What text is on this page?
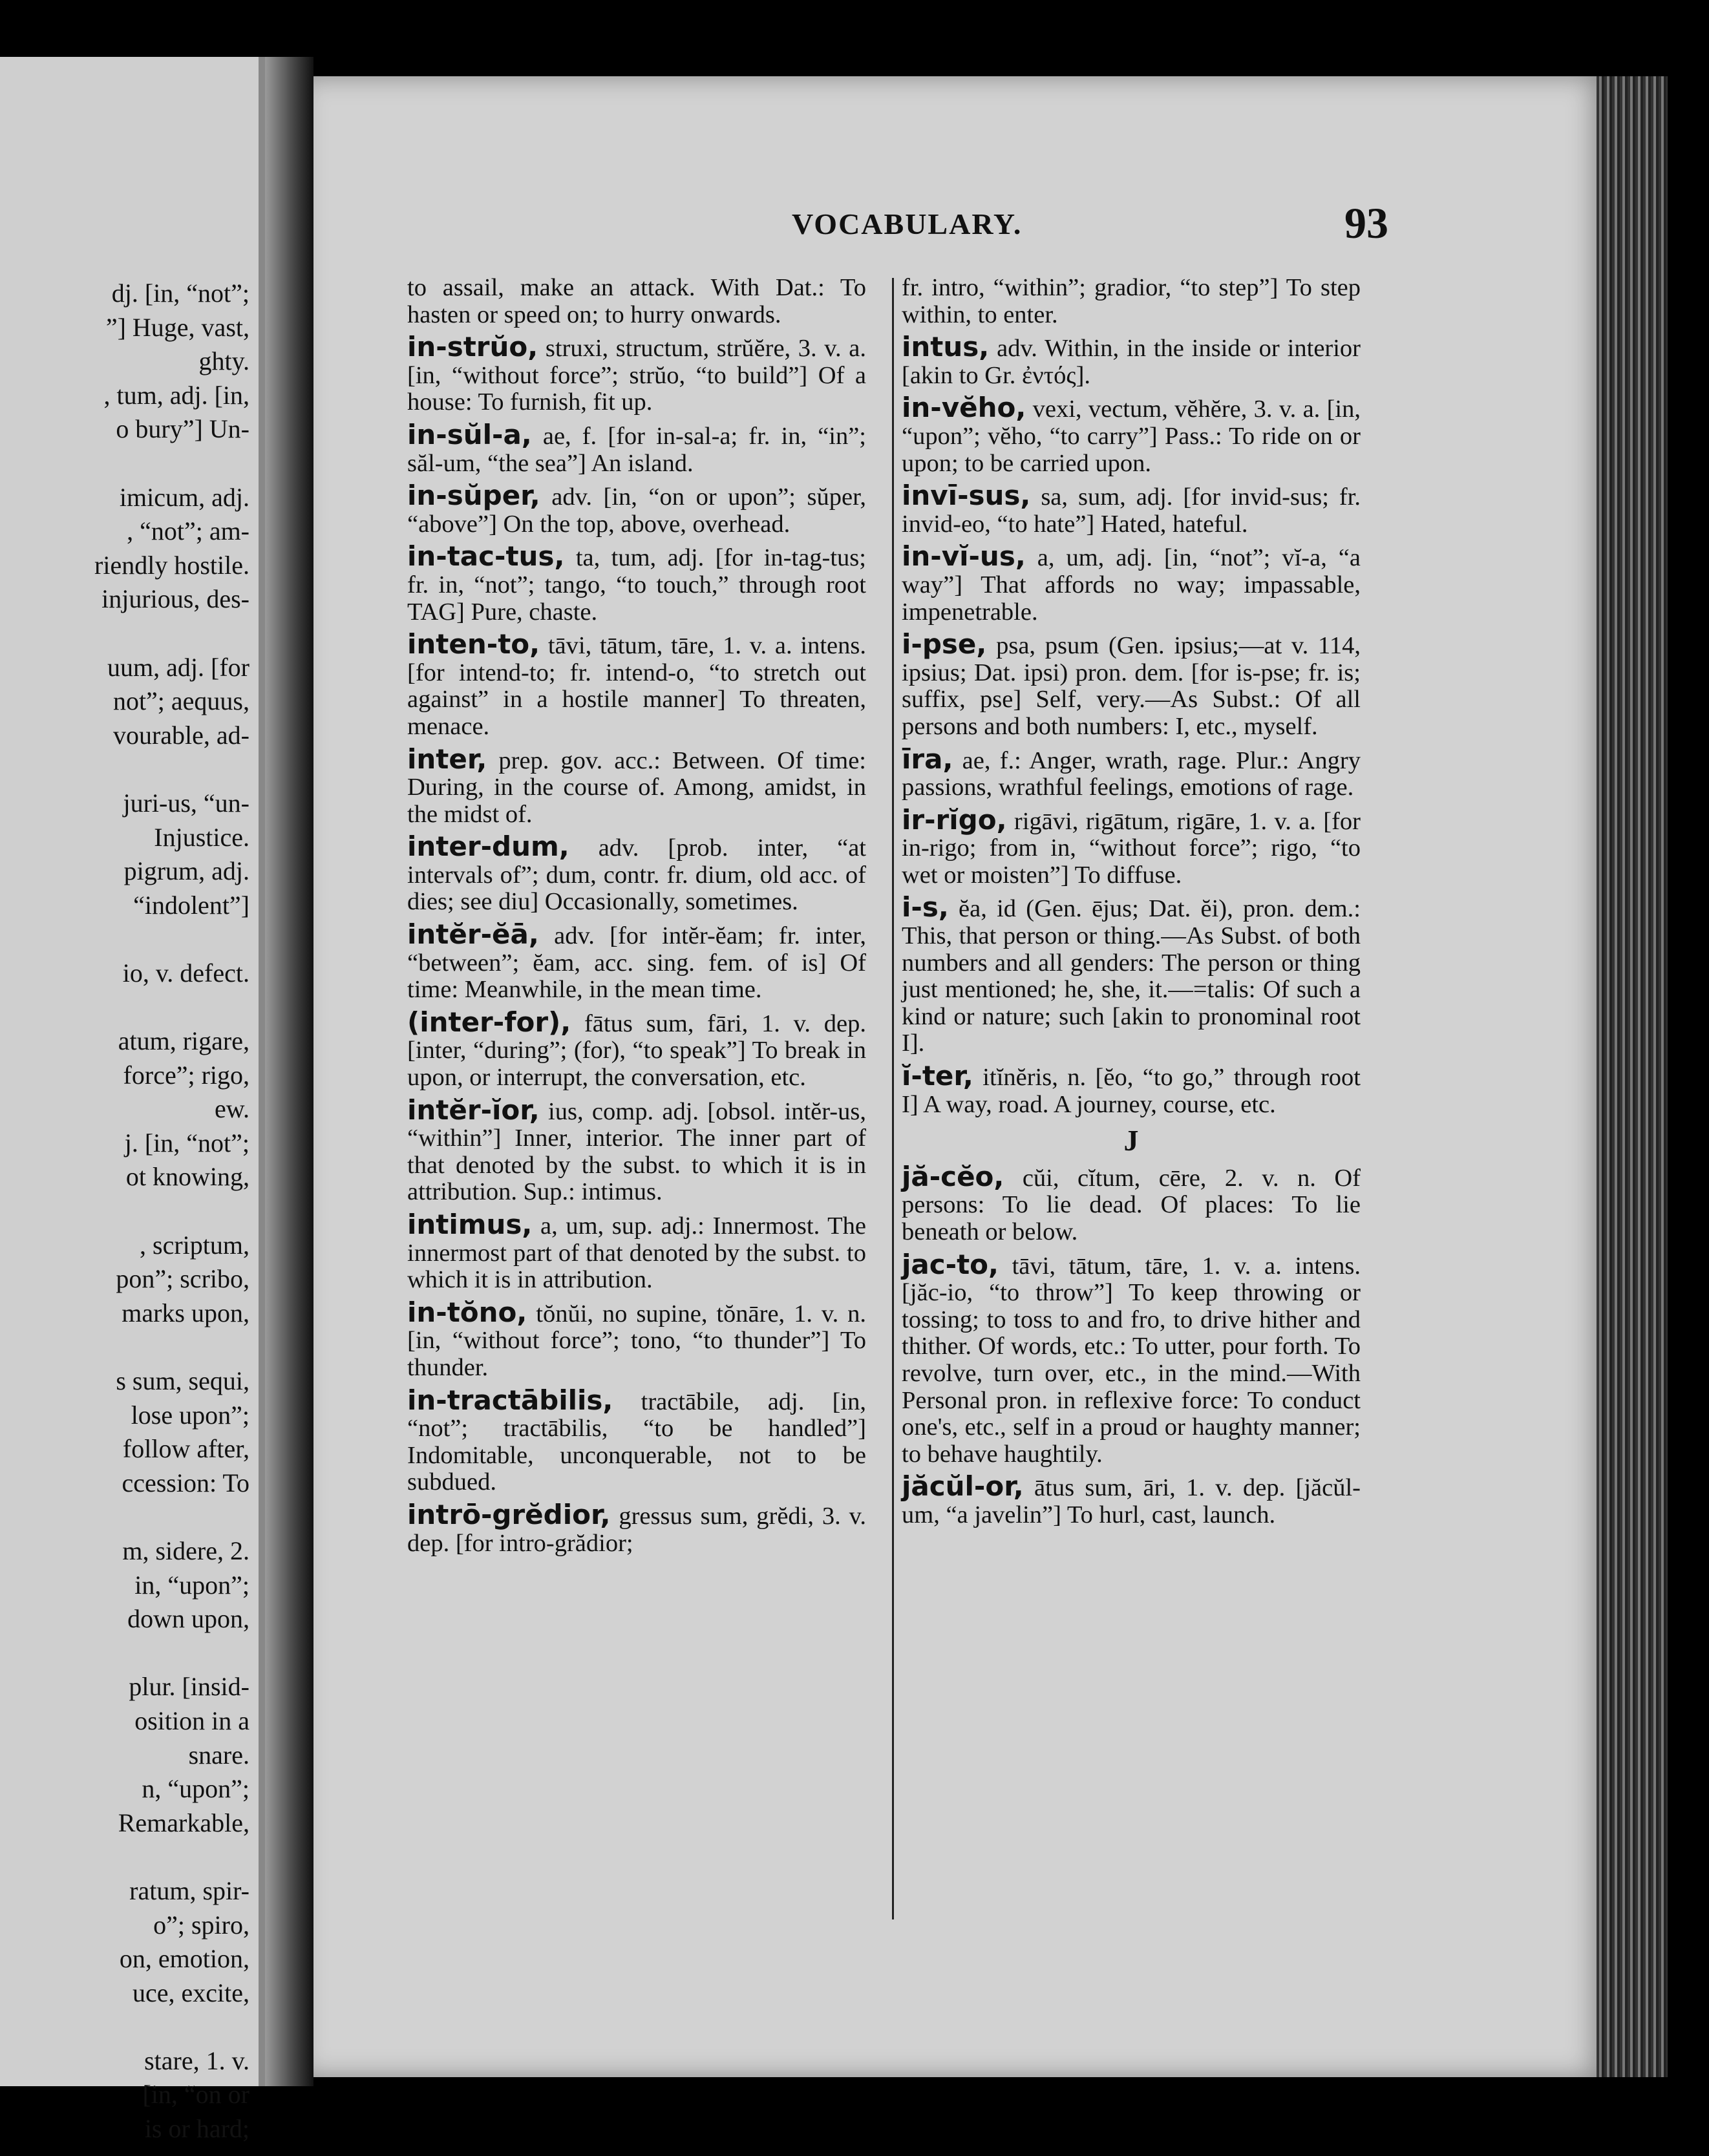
dj. [in, “not”;
”] Huge, vast,
ghty.
, tum, adj. [in,
o bury”] Un-
imicum, adj.
, “not”; am-
riendly hostile.
injurious, des-
uum, adj. [for
not”; aequus,
vourable, ad-
juri-us, “un-
Injustice.
pigrum, adj.
“indolent”]
io, v. defect.
atum, rigare,
force”; rigo,
ew.
j. [in, “not”;
ot knowing,
, scriptum,
pon”; scribo,
marks upon,
s sum, sequi,
lose upon”;
follow after,
ccession: To
m, sidere, 2.
in, “upon”;
down upon,
plur. [insid-
osition in a
snare.
n, “upon”;
Remarkable,
ratum, spir-
o”; spiro,
on, emotion,
uce, excite,
stare, 1. v.
[in, “on or
is or hard;
VOCABULARY.	93

to assail, make an attack. With Dat.: To hasten or speed on; to hurry onwards.

in-strŭo, struxi, structum, strŭĕre, 3. v. a. [in, “without force”; strŭo, “to build”] Of a house: To furnish, fit up.

in-sŭl-a, ae, f. [for in-sal-a; fr. in, “in”; săl-um, “the sea”] An island.

in-sŭper, adv. [in, “on or upon”; sŭper, “above”] On the top, above, overhead.

in-tac-tus, ta, tum, adj. [for in-tag-tus; fr. in, “not”; tango, “to touch,” through root TAG] Pure, chaste.

inten-to, tāvi, tātum, tāre, 1. v. a. intens. [for intend-to; fr. intend-o, “to stretch out against” in a hostile manner] To threaten, menace.

inter, prep. gov. acc.: Between. Of time: During, in the course of. Among, amidst, in the midst of.

inter-dum, adv. [prob. inter, “at intervals of”; dum, contr. fr. dium, old acc. of dies; see diu] Occasionally, sometimes.

intĕr-ĕā, adv. [for intĕr-ĕam; fr. inter, “between”; ĕam, acc. sing. fem. of is] Of time: Meanwhile, in the mean time.

(inter-for), fātus sum, fāri, 1. v. dep. [inter, “during”; (for), “to speak”] To break in upon, or interrupt, the conversation, etc.

intĕr-ĭor, ius, comp. adj. [obsol. intĕr-us, “within”] Inner, interior. The inner part of that denoted by the subst. to which it is in attribution. Sup.: intimus.

intimus, a, um, sup. adj.: Innermost. The innermost part of that denoted by the subst. to which it is in attribution.

in-tŏno, tŏnŭi, no supine, tŏnāre, 1. v. n. [in, “without force”; tono, “to thunder”] To thunder.

in-tractābilis, tractābile, adj. [in, “not”; tractābilis, “to be handled”] Indomitable, unconquerable, not to be subdued.

intrō-grĕdior, gressus sum, grĕdi, 3. v. dep. [for intro-grădior;

fr. intro, “within”; gradior, “to step”] To step within, to enter.

intus, adv. Within, in the inside or interior [akin to Gr. ἐντός].

in-vĕho, vexi, vectum, vĕhĕre, 3. v. a. [in, “upon”; vĕho, “to carry”] Pass.: To ride on or upon; to be carried upon.

invī-sus, sa, sum, adj. [for invid-sus; fr. invid-eo, “to hate”] Hated, hateful.

in-vĭ-us, a, um, adj. [in, “not”; vĭ-a, “a way”] That affords no way; impassable, impenetrable.

i-pse, psa, psum (Gen. ipsius;—at v. 114, ipsius; Dat. ipsi) pron. dem. [for is-pse; fr. is; suffix, pse] Self, very.—As Subst.: Of all persons and both numbers: I, etc., myself.

īra, ae, f.: Anger, wrath, rage. Plur.: Angry passions, wrathful feelings, emotions of rage.

ir-rĭgo, rigāvi, rigātum, rigāre, 1. v. a. [for in-rigo; from in, “without force”; rigo, “to wet or moisten”] To diffuse.

i-s, ĕa, id (Gen. ējus; Dat. ĕi), pron. dem.: This, that person or thing.—As Subst. of both numbers and all genders: The person or thing just mentioned; he, she, it.—=talis: Of such a kind or nature; such [akin to pronominal root I].

ĭ-ter, itĭnĕris, n. [ĕo, “to go,” through root I] A way, road. A journey, course, etc.

J

jă-cĕo, cŭi, cĭtum, cēre, 2. v. n. Of persons: To lie dead. Of places: To lie beneath or below.

jac-to, tāvi, tātum, tāre, 1. v. a. intens. [jăc-io, “to throw”] To keep throwing or tossing; to toss to and fro, to drive hither and thither. Of words, etc.: To utter, pour forth. To revolve, turn over, etc., in the mind.—With Personal pron. in reflexive force: To conduct one's, etc., self in a proud or haughty manner; to behave haughtily.

jăcŭl-or, ātus sum, āri, 1. v. dep. [jăcŭl-um, “a javelin”] To hurl, cast, launch.
